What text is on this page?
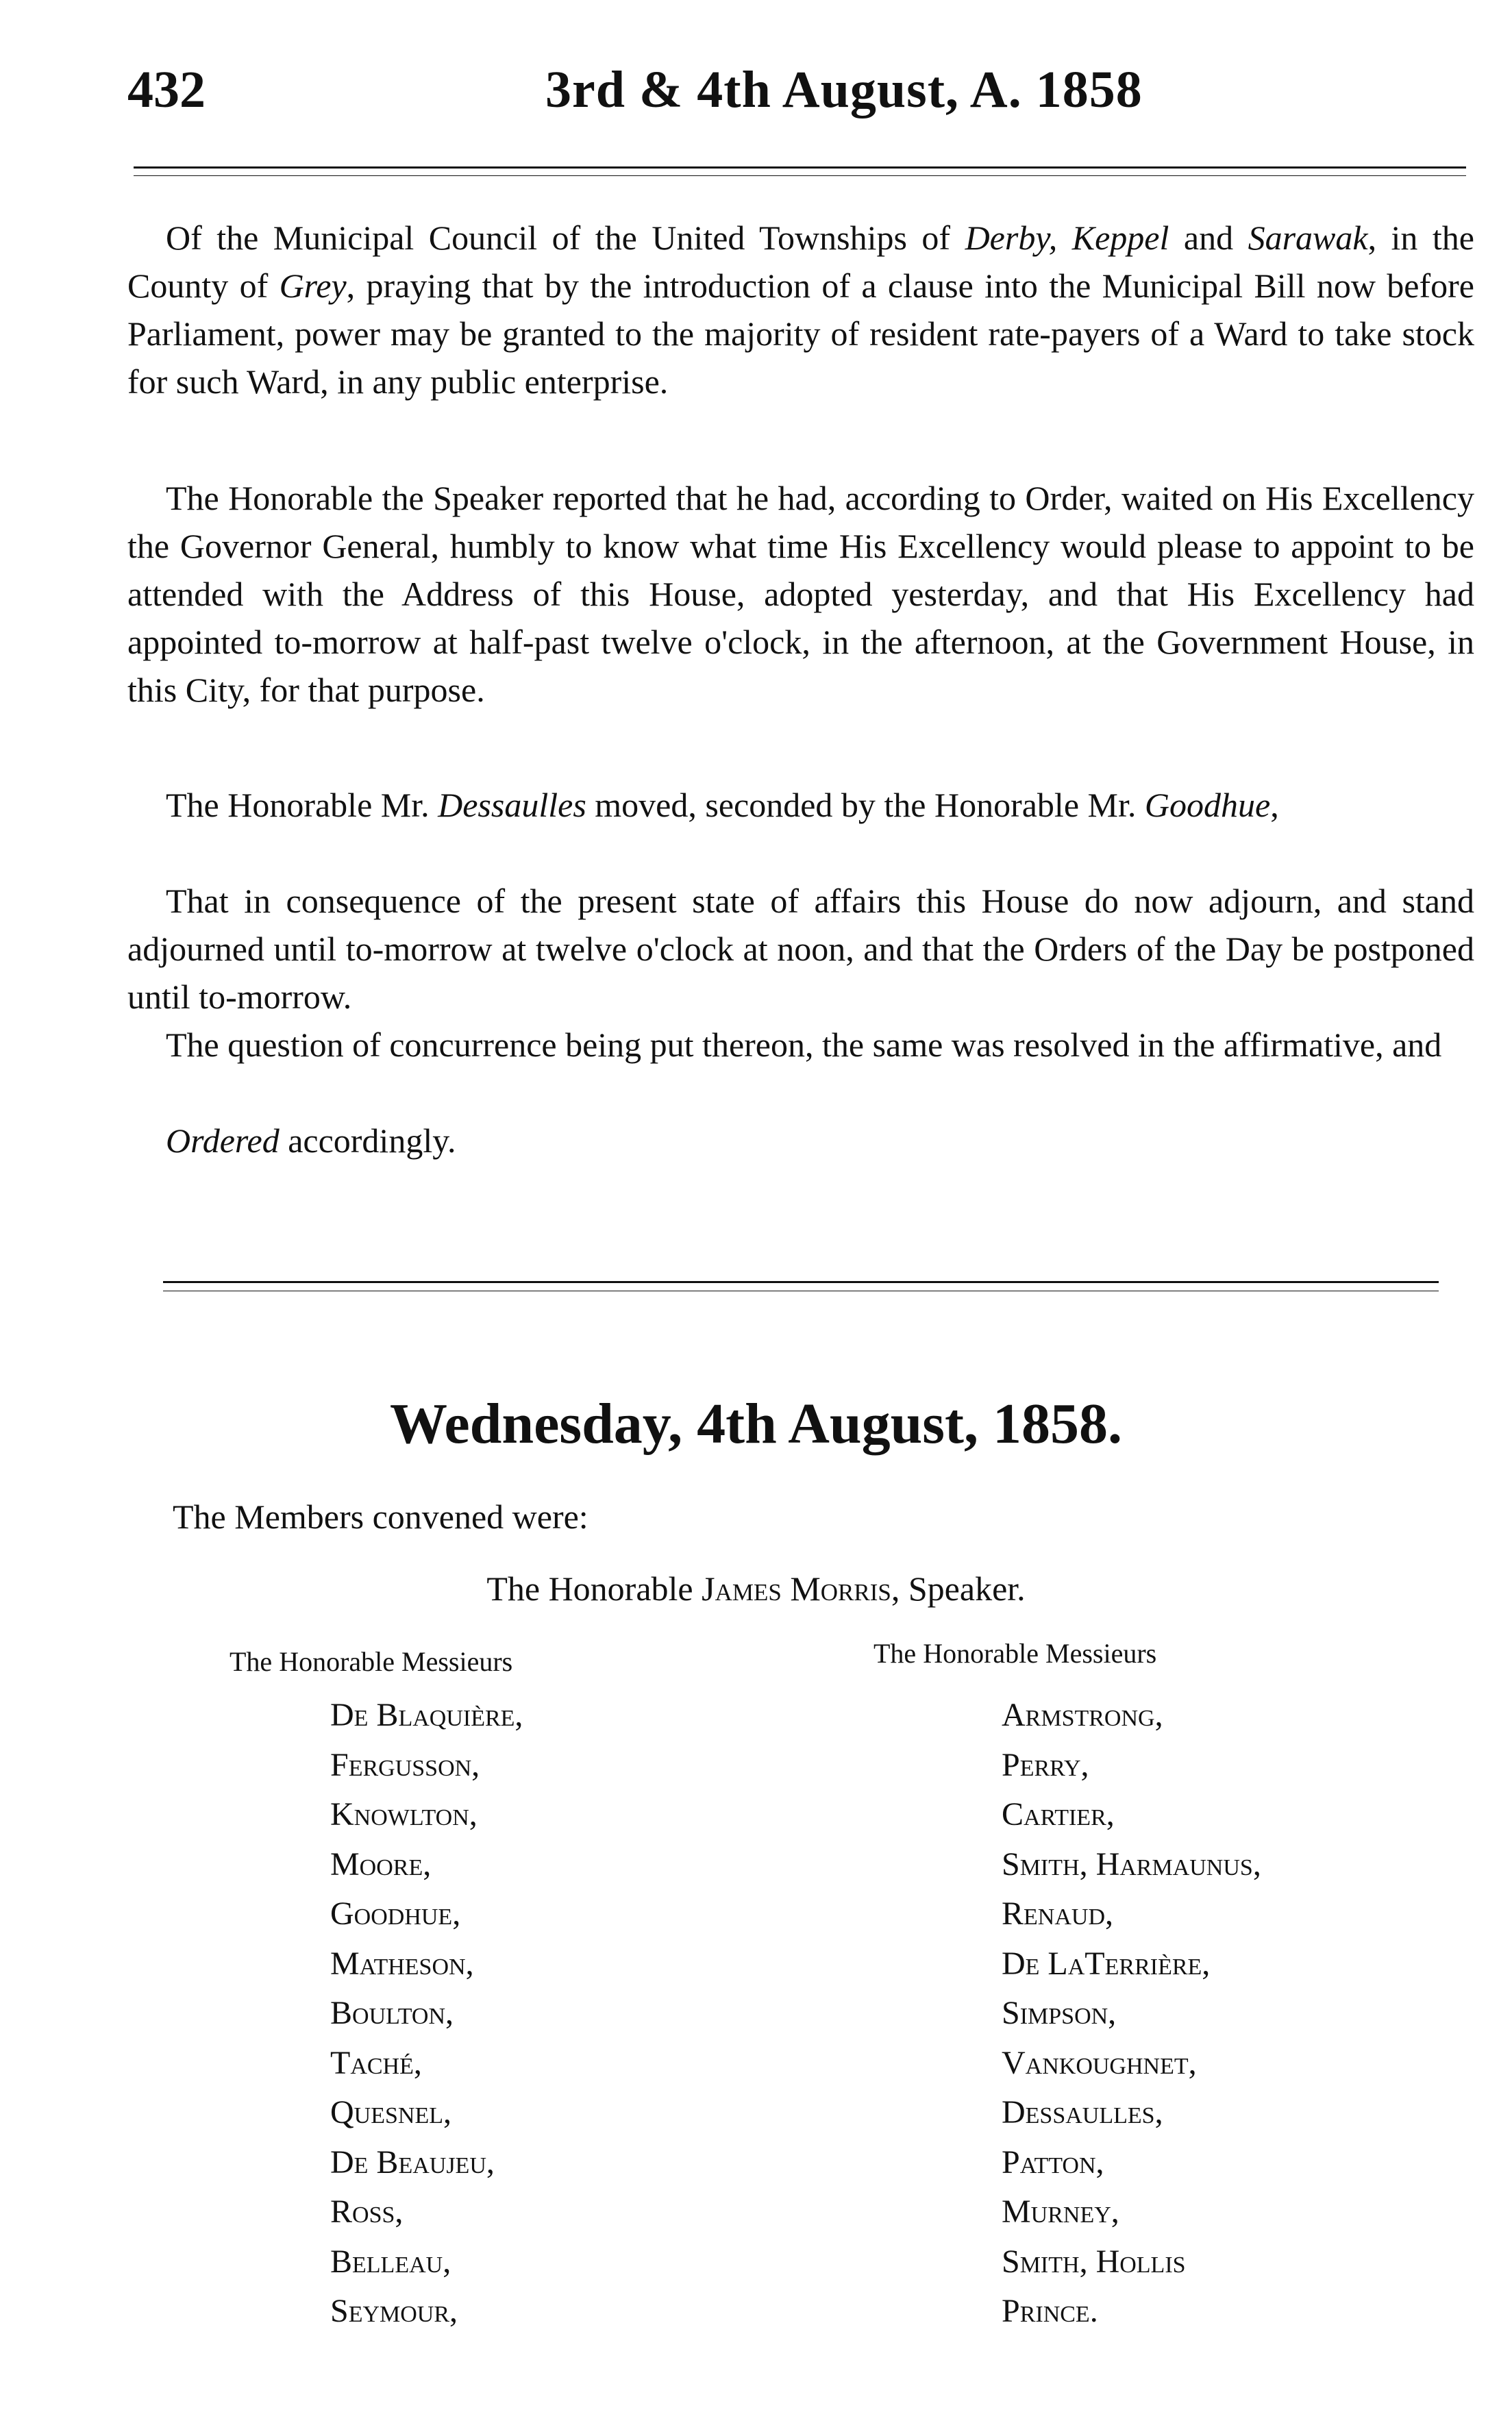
432	3rd & 4th August, A. 1858

Of the Municipal Council of the United Townships of Derby, Keppel and Sarawak, in the County of Grey, praying that by the introduction of a clause into the Municipal Bill now before Parliament, power may be granted to the majority of resident rate-payers of a Ward to take stock for such Ward, in any public enterprise.

The Honorable the Speaker reported that he had, according to Order, waited on His Excellency the Governor General, humbly to know what time His Excellency would please to appoint to be attended with the Address of this House, adopted yesterday, and that His Excellency had appointed to-morrow at half-past twelve o'clock, in the afternoon, at the Government House, in this City, for that purpose.

The Honorable Mr. Dessaulles moved, seconded by the Honorable Mr. Goodhue,

That in consequence of the present state of affairs this House do now adjourn, and stand adjourned until to-morrow at twelve o'clock at noon, and that the Orders of the Day be postponed until to-morrow.

The question of concurrence being put thereon, the same was resolved in the affirmative, and

Ordered accordingly.

Wednesday, 4th August, 1858.
The Members convened were:
The Honorable James Morris, Speaker.
The Honorable Messieurs	The Honorable Messieurs
De Blaquière,
Fergusson,
Knowlton,
Moore,
Goodhue,
Matheson,
Boulton,
Taché,
Quesnel,
De Beaujeu,
Ross,
Belleau,
Seymour,
Armstrong,
Perry,
Cartier,
Smith, Harmaunus,
Renaud,
De LaTerrière,
Simpson,
Vankoughnet,
Dessaulles,
Patton,
Murney,
Smith, Hollis
Prince.
